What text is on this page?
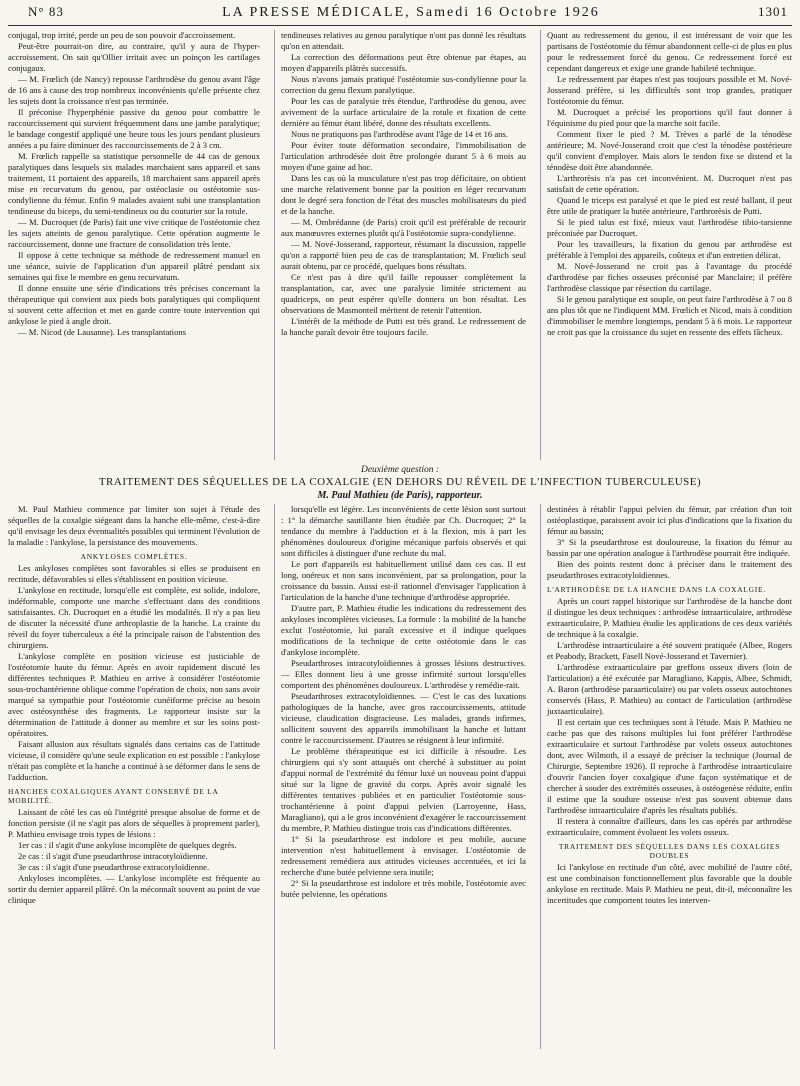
N° 83	LA PRESSE MÉDICALE, Samedi 16 Octobre 1926	1301

conjugal, trop irrité, perde un peu de son pouvoir d'accroissement.

Peut-être pourrait-on dire, au contraire, qu'il y aura de l'hyper-accroissement. On sait qu'Ollier irritait avec un poinçon les cartilages conjugaux.

— M. Frœlich (de Nancy) repousse l'arthrodèse du genou avant l'âge de 16 ans à cause des trop nombreux inconvénients qu'elle présente chez les sujets dont la croissance n'est pas terminée.

Il préconise l'hyperphénie passive du genou pour combattre le raccourcissement qui survient fréquemment dans une jambe paralytique; le bandage congestif appliqué une heure tous les jours pendant plusieurs années a pu faire diminuer des raccourcissements de 2 à 3 cm.

M. Frœlich rappelle sa statistique personnelle de 44 cas de genoux paralytiques dans lesquels six malades marchaient sans appareil et sans traitement, 11 portaient des appareils, 18 marchaient sans appareil après mise en recurvatum du genou, par ostéoclasie ou ostéotomie sus-condylienne du fémur. Enfin 9 malades avaient subi une transplantation tendineuse du biceps, du semi-tendineux ou du couturier sur la rotule.

— M. Ducroquet (de Paris) fait une vive critique de l'ostéotomie chez les sujets atteints de genou paralytique. Cette opération augmente le raccourcissement, donne une fracture de consolidation très lente.

Il oppose à cette technique sa méthode de redressement manuel en une séance, suivie de l'application d'un appareil plâtré pendant six semaines qui fixe le membre en genu recurvatum.

Il donne ensuite une série d'indications très précises concernant la thérapeutique qui convient aux pieds bots paralytiques qui compliquent si souvent cette affection et met en garde contre toute intervention qui ankylose le pied à angle droit.

— M. Nicod (de Lausanne). Les transplantations

tendineuses relatives au genou paralytique n'ont pas donné les résultats qu'on en attendait.

La correction des déformations peut être obtenue par étapes, au moyen d'appareils plâtrés successifs.

Nous n'avons jamais pratiqué l'ostéotomie sus-condylienne pour la correction du genu flexum paralytique.

Pour les cas de paralysie très étendue, l'arthrodèse du genou, avec avivement de la surface articulaire de la rotule et fixation de cette dernière au fémur étant libéré, donne des résultats excellents.

Nous ne pratiquons pas l'arthrodèse avant l'âge de 14 et 16 ans.

Pour éviter toute déformation secondaire, l'immobilisation de l'articulation arthrodésée doit être prolongée durant 5 à 6 mois au moyen d'une gaine ad hoc.

Dans les cas où la musculature n'est pas trop déficitaire, on obtient une marche relativement bonne par la position en léger recurvatum dont le degré sera fonction de l'état des muscles mobilisateurs du pied et de la hanche.

— M. Ombrédanne (de Paris) croit qu'il est préférable de recourir aux manœuvres externes plutôt qu'à l'ostéotomie supra-condylienne.

— M. Nové-Josserand, rapporteur, résumant la discussion, rappelle qu'on a rapporté bien peu de cas de transplantation; M. Frœlich seul aurait obtenu, par ce procédé, quelques bons résultats.

Ce n'est pas à dire qu'il faille repousser complètement la transplantation, car, avec une paralysie limitée strictement au quadriceps, on peut espérer qu'elle donnera un bon résultat. Les observations de Masmonteil méritent de retenir l'attention.

L'intérêt de la méthode de Putti est très grand. Le redressement de la hanche paraît devoir être toujours facile.

Quant au redressement du genou, il est intéressant de voir que les partisans de l'ostéotomie du fémur abandonnent celle-ci de plus en plus pour le redressement forcé du genou. Ce redressement forcé est cependant dangereux et exige une grande habileté technique.

Le redressement par étapes n'est pas toujours possible et M. Nové-Josserand préfère, si les difficultés sont trop grandes, pratiquer l'ostéotomie du fémur.

M. Ducroquet a précisé les proportions qu'il faut donner à l'équinisme du pied pour que la marche soit facile.

Comment fixer le pied ? M. Trèves a parlé de la ténodèse antérieure; M. Nové-Josserand croit que c'est la ténodèse postérieure qu'il convient d'employer. Mais alors le tendon fixe se distend et la ténodèse doit être abandonnée.

L'arthrorèsis n'a pas cet inconvénient. M. Ducroquet n'est pas satisfait de cette opération.

Quand le triceps est paralysé et que le pied est resté ballant, il peut être utile de pratiquer la butée antérieure, l'arthrorèsis de Putti.

Si le pied talus est fixé, mieux vaut l'arthrodèse tibio-tarsienne préconisée par Ducroquet.

Pour les travailleurs, la fixation du genou par arthrodèse est préférable à l'emploi des appareils, coûteux et d'un entretien délicat.

M. Nové-Josserand ne croit pas à l'avantage du procédé d'arthrodèse par fiches osseuses préconisé par Manclaire; il préfère l'arthrodèse classique par résection du cartilage.

Si le genou paralytique est souple, on peut faire l'arthrodèse à 7 ou 8 ans plus tôt que ne l'indiquent MM. Frœlich et Nicod, mais à condition d'immobiliser le membre longtemps, pendant 5 à 6 mois. Le rapporteur ne croit pas que la croissance du sujet en ressente des effets fâcheux.

Deuxième question :
TRAITEMENT DES SÉQUELLES DE LA COXALGIE (EN DEHORS DU RÉVEIL DE L'INFECTION TUBERCULEUSE)
M. Paul Mathieu (de Paris), rapporteur.

M. Paul Mathieu commence par limiter son sujet à l'étude des séquelles de la coxalgie siégeant dans la hanche elle-même, c'est-à-dire qu'il envisage les deux éventualités possibles qui terminent l'évolution de la maladie : l'ankylose, la persistance des mouvements.

ANKYLOSES COMPLÈTES.

Les ankyloses complètes sont favorables si elles se produisent en rectitude, défavorables si elles s'établissent en position vicieuse.

L'ankylose en rectitude, lorsqu'elle est complète, est solide, indolore, indéformable, comporte une marche s'effectuant dans des conditions satisfaisantes. Ch. Ducroquet en a étudié les modalités. Il n'y a pas lieu de discuter la nécessité d'une arthroplastie de la hanche. La crainte du réveil du foyer tuberculeux a été la principale raison de l'abstention des chirurgiens.

L'ankylose complète en position vicieuse est justiciable de l'ostéotomie haute du fémur. Après en avoir rapidement discuté les différentes techniques P. Mathieu en arrive à considérer l'ostéotomie sous-trochantérienne oblique comme l'opération de choix, non sans avoir marqué sa sympathie pour l'ostéotomie cunéiforme précise au besoin avec ostéosynthèse des fragments. Le rapporteur insiste sur la détermination de l'attitude à donner au membre et sur les soins post-opératoires.

Faisant allusion aux résultats signalés dans certains cas de l'attitude vicieuse, il considère qu'une seule explication en est possible : l'ankylose n'était pas complète et la hanche a continué à se déformer dans le sens de l'adduction.

HANCHES COXALGIQUES AYANT CONSERVÉ DE LA MOBILITÉ.

Laissant de côté les cas où l'intégrité presque absolue de forme et de fonction persiste (il ne s'agit pas alors de séquelles à proprement parler), P. Mathieu envisage trois types de lésions :

1er cas : il s'agit d'une ankylose incomplète de quelques degrés.

2e cas : il s'agit d'une pseudarthrose intracotyloïdienne.

3e cas : il s'agit d'une pseudarthrose extracotyloïdienne.

Ankyloses incomplètes. — L'ankylose incomplète est fréquente au sortir du dernier appareil plâtré. On la méconnaît souvent au point de vue clinique

lorsqu'elle est légère. Les inconvénients de cette lésion sont surtout : 1° la démarche sautillante bien étudiée par Ch. Ducroquet; 2° la tendance du membre à l'adduction et à la flexion, mis à part les phénomènes douloureux d'origine mécanique parfois observés et qui sont difficiles à distinguer d'une rechute du mal.

Le port d'appareils est habituellement utilisé dans ces cas. Il est long, onéreux et non sans inconvénient, par sa prolongation, pour la croissance du bassin. Aussi est-il rationnel d'envisager l'application à l'articulation de la hanche d'une technique d'arthrodèse appropriée.

D'autre part, P. Mathieu étudie les indications du redressement des ankyloses incomplètes vicieuses. La formule : la mobilité de la hanche exclut l'ostéotomie, lui paraît excessive et il indique quelques modifications de la technique de cette ostéotomie dans le cas d'ankylose incomplète.

Pseudarthroses intracotyloïdiennes à grosses lésions destructives. — Elles donnent lieu à une grosse infirmité surtout lorsqu'elles comportent des phénomènes douloureux. L'arthrodèse y remédie-rait.

Pseudarthroses extracotyloïdiennes. — C'est le cas des luxations pathologiques de la hanche, avec gros raccourcissements, attitude vicieuse, claudication disgracieuse. Les malades, grands infirmes, sollicitent souvent des appareils immobilisant la hanche et luttant contre le raccourcissement. D'autres se résignent à leur infirmité.

Le problème thérapeutique est ici difficile à résoudre. Les chirurgiens qui s'y sont attaqués ont cherché à substituer au point d'appui normal de l'extrémité du fémur luxé un nouveau point d'appui situé sur la ligne de gravité du corps. Après avoir signalé les différentes tentatives publiées et en particulier l'ostéotomie sous-trochantérienne à point d'appui pelvien (Larroyenne, Hass, Maragliano), qui a le gros inconvénient d'exagérer le raccourcissement du membre, P. Mathieu distingue trois cas d'indications différentes.

1° Si la pseudarthrose est indolore et peu mobile, aucune intervention n'est habituellement à envisager. L'ostéotomie de redressement remédiera aux attitudes vicieuses accentuées, et ici la recherche d'une butée pelvienne sera inutile;

2° Si la pseudarthrose est indolore et très mobile, l'ostéotomie avec butée pelvienne, les opérations

destinées à rétablir l'appui pelvien du fémur, par création d'un toit ostéoplastique, paraissent avoir ici plus d'indications que la fixation du fémur au bassin;

3° Si la pseudarthrose est douloureuse, la fixation du fémur au bassin par une opération analogue à l'arthrodèse pourrait être indiquée.

Bien des points restent donc à préciser dans le traitement des pseudarthroses extracotyloïdiennes.

L'ARTHRODÈSE DE LA HANCHE DANS LA COXALGIE.

Après un court rappel historique sur l'arthrodèse de la hanche dont il distingue les deux techniques : arthrodèse intraarticulaire, arthrodèse extraarticulaire, P. Mathieu étudie les applications de ces deux variétés de technique à la coxalgie.

L'arthrodèse intraarticulaire a été souvent pratiquée (Albee, Rogers et Peabody, Brackett, Fasell Nové-Josserand et Tavernier).

L'arthrodèse extraarticulaire par greffons osseux divers (loin de l'articulation) a été exécutée par Maragliano, Kappis, Albee, Schmidt, A. Baron (arthrodèse paraarticulaire) ou par volets osseux autochtones conservés (Hass, P. Mathieu) au contact de l'articulation (arthrodèse juxtaarticulaire).

Il est certain que ces techniques sont à l'étude. Mais P. Mathieu ne cache pas que des raisons multiples lui font préférer l'arthrodèse extraarticulaire et surtout l'arthrodèse par volets osseux autochtones dont, avec Wilmoth, il a essayé de préciser la technique (Journal de Chirurgie, Septembre 1926). Il reproche à l'arthrodèse intraarticulaire d'ouvrir l'ancien foyer coxalgique d'une façon systématique et de chercher à souder des extrémités osseuses, à ostéogenèse réduite, enfin il estime que la soudure osseuse n'est pas souvent obtenue dans l'arthrodèse intraarticulaire d'après les résultats publiés.

Il restera à connaître d'ailleurs, dans les cas opérés par arthrodèse extraarticulaire, comment évoluent les volets osseux.

TRAITEMENT DES SÉQUELLES DANS LES COXALGIES DOUBLES

Ici l'ankylose en rectitude d'un côté, avec mobilité de l'autre côté, est une combinaison fonctionnellement plus favorable que la double ankylose en rectitude. Mais P. Mathieu ne peut, dit-il, méconnaître les incertitudes que comportent toutes les interven-
